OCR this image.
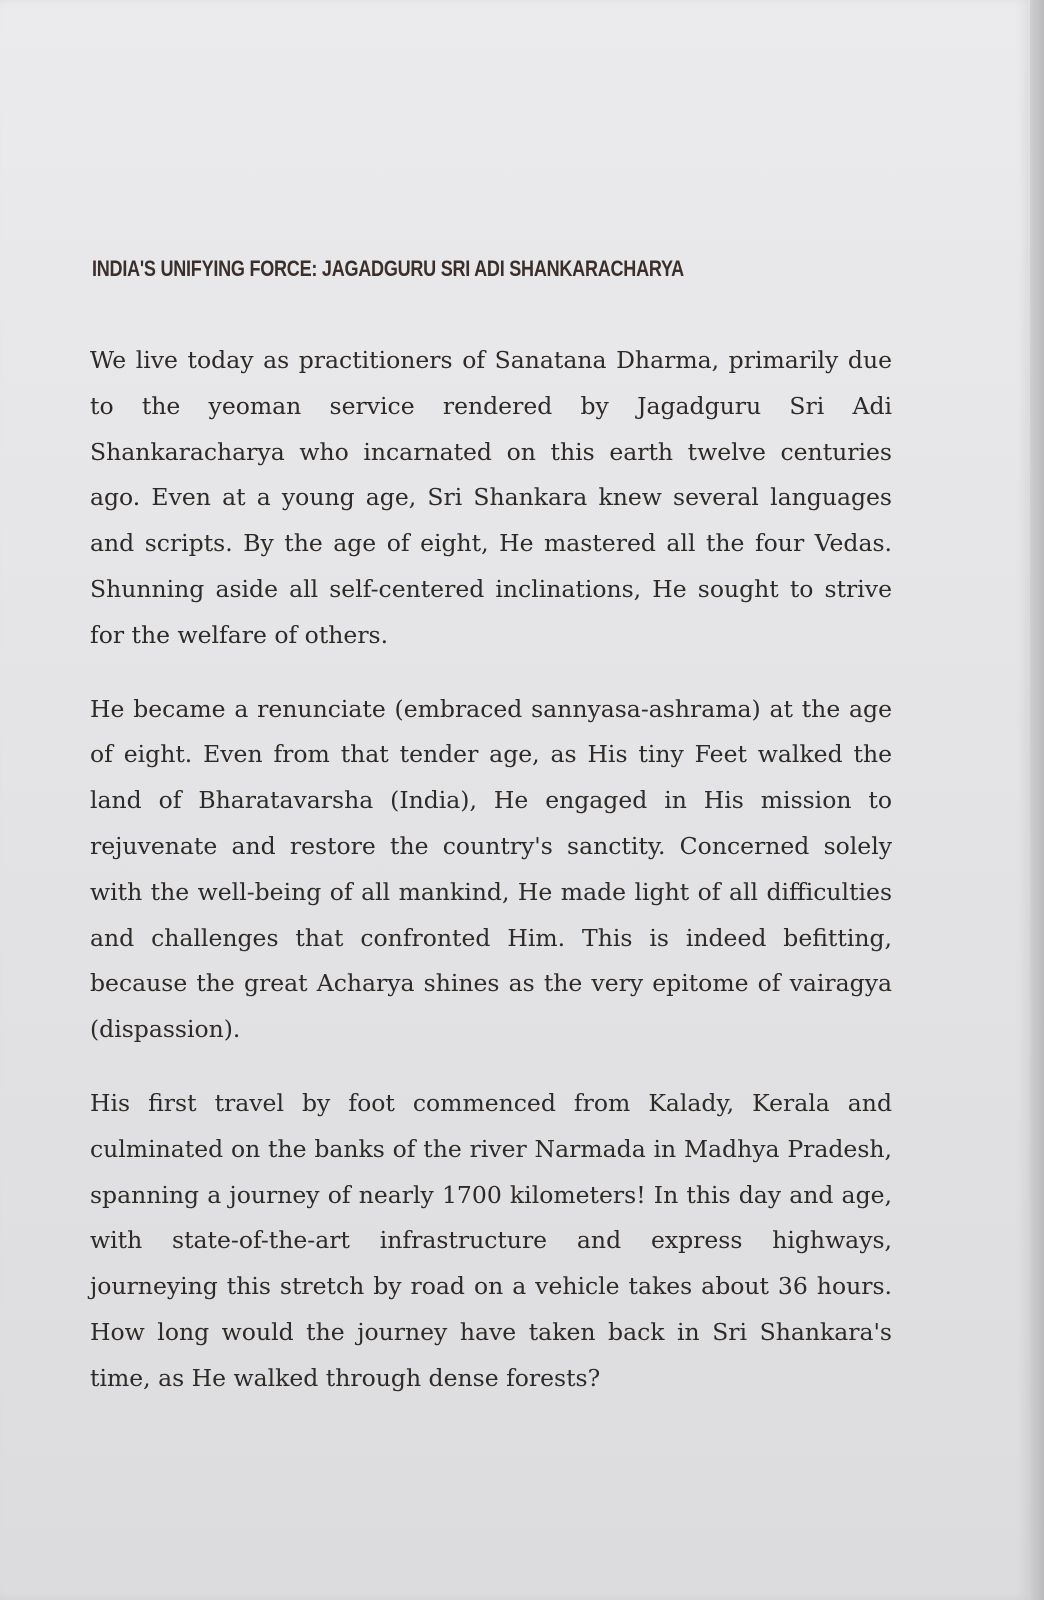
INDIA'S UNIFYING FORCE: JAGADGURU SRI ADI SHANKARACHARYA

We live today as practitioners of Sanatana Dharma, primarily due to the yeoman service rendered by Jagadguru Sri Adi Shankaracharya who incarnated on this earth twelve centuries ago. Even at a young age, Sri Shankara knew several languages and scripts. By the age of eight, He mastered all the four Vedas. Shunning aside all self-centered inclinations, He sought to strive for the welfare of others.

He became a renunciate (embraced sannyasa-ashrama) at the age of eight. Even from that tender age, as His tiny Feet walked the land of Bharatavarsha (India), He engaged in His mission to rejuvenate and restore the country's sanctity. Concerned solely with the well-being of all mankind, He made light of all difficulties and challenges that confronted Him. This is indeed befitting, because the great Acharya shines as the very epitome of vairagya (dispassion).

His first travel by foot commenced from Kalady, Kerala and culminated on the banks of the river Narmada in Madhya Pradesh, spanning a journey of nearly 1700 kilometers! In this day and age, with state-of-the-art infrastructure and express highways, journeying this stretch by road on a vehicle takes about 36 hours. How long would the journey have taken back in Sri Shankara's time, as He walked through dense forests?
